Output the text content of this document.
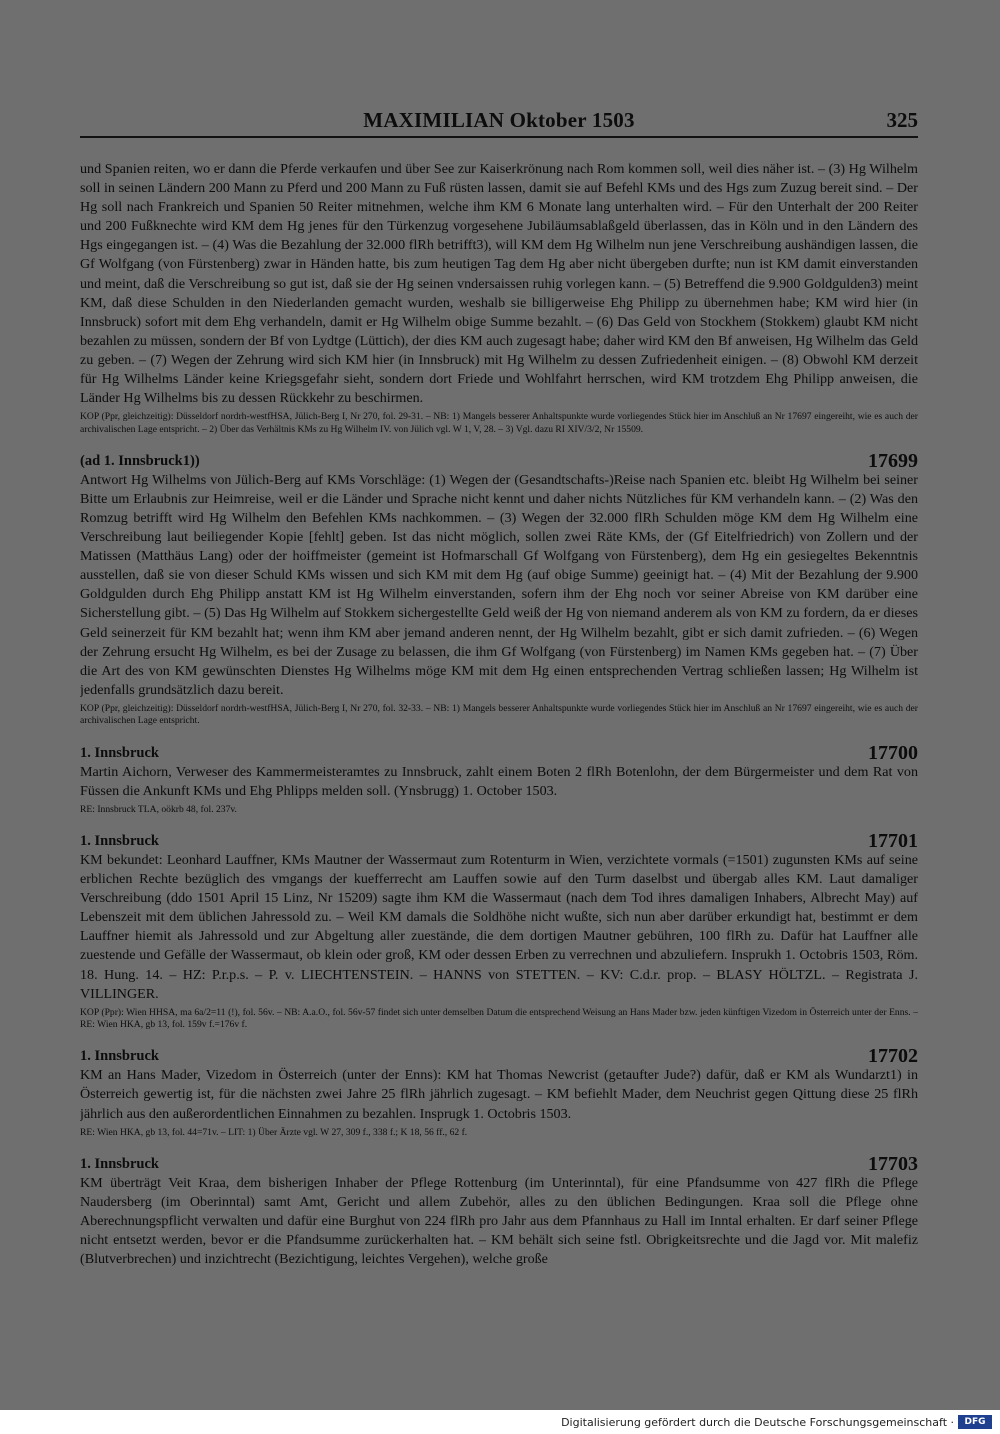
MAXIMILIAN Oktober 1503	325

und Spanien reiten, wo er dann die Pferde verkaufen und über See zur Kaiserkrönung nach Rom kommen soll, weil dies näher ist. – (3) Hg Wilhelm soll in seinen Ländern 200 Mann zu Pferd und 200 Mann zu Fuß rüsten lassen, damit sie auf Befehl KMs und des Hgs zum Zuzug bereit sind. – Der Hg soll nach Frankreich und Spanien 50 Reiter mitnehmen, welche ihm KM 6 Monate lang unterhalten wird. – Für den Unterhalt der 200 Reiter und 200 Fußknechte wird KM dem Hg jenes für den Türkenzug vorgesehene Jubiläumsablaßgeld überlassen, das in Köln und in den Ländern des Hgs eingegangen ist. – (4) Was die Bezahlung der 32.000 flRh betrifft3), will KM dem Hg Wilhelm nun jene Verschreibung aushändigen lassen, die Gf Wolfgang (von Fürstenberg) zwar in Händen hatte, bis zum heutigen Tag dem Hg aber nicht übergeben durfte; nun ist KM damit einverstanden und meint, daß die Verschreibung so gut ist, daß sie der Hg seinen vndersaissen ruhig vorlegen kann. – (5) Betreffend die 9.900 Goldgulden3) meint KM, daß diese Schulden in den Niederlanden gemacht wurden, weshalb sie billigerweise Ehg Philipp zu übernehmen habe; KM wird hier (in Innsbruck) sofort mit dem Ehg verhandeln, damit er Hg Wilhelm obige Summe bezahlt. – (6) Das Geld von Stockhem (Stokkem) glaubt KM nicht bezahlen zu müssen, sondern der Bf von Lydtge (Lüttich), der dies KM auch zugesagt habe; daher wird KM den Bf anweisen, Hg Wilhelm das Geld zu geben. – (7) Wegen der Zehrung wird sich KM hier (in Innsbruck) mit Hg Wilhelm zu dessen Zufriedenheit einigen. – (8) Obwohl KM derzeit für Hg Wilhelms Länder keine Kriegsgefahr sieht, sondern dort Friede und Wohlfahrt herrschen, wird KM trotzdem Ehg Philipp anweisen, die Länder Hg Wilhelms bis zu dessen Rückkehr zu beschirmen.

KOP (Ppr, gleichzeitig): Düsseldorf nordrh-westfHSA, Jülich-Berg I, Nr 270, fol. 29-31. – NB: 1) Mangels besserer Anhaltspunkte wurde vorliegendes Stück hier im Anschluß an Nr 17697 eingereiht, wie es auch der archivalischen Lage entspricht. – 2) Über das Verhältnis KMs zu Hg Wilhelm IV. von Jülich vgl. W 1, V, 28. – 3) Vgl. dazu RI XIV/3/2, Nr 15509.

(ad 1. Innsbruck1))	17699

Antwort Hg Wilhelms von Jülich-Berg auf KMs Vorschläge: (1) Wegen der (Gesandtschafts-)Reise nach Spanien etc. bleibt Hg Wilhelm bei seiner Bitte um Erlaubnis zur Heimreise, weil er die Länder und Sprache nicht kennt und daher nichts Nützliches für KM verhandeln kann. – (2) Was den Romzug betrifft wird Hg Wilhelm den Befehlen KMs nachkommen. – (3) Wegen der 32.000 flRh Schulden möge KM dem Hg Wilhelm eine Verschreibung laut beiliegender Kopie [fehlt] geben. Ist das nicht möglich, sollen zwei Räte KMs, der (Gf Eitelfriedrich) von Zollern und der Matissen (Matthäus Lang) oder der hoiffmeister (gemeint ist Hofmarschall Gf Wolfgang von Fürstenberg), dem Hg ein gesiegeltes Bekenntnis ausstellen, daß sie von dieser Schuld KMs wissen und sich KM mit dem Hg (auf obige Summe) geeinigt hat. – (4) Mit der Bezahlung der 9.900 Goldgulden durch Ehg Philipp anstatt KM ist Hg Wilhelm einverstanden, sofern ihm der Ehg noch vor seiner Abreise von KM darüber eine Sicherstellung gibt. – (5) Das Hg Wilhelm auf Stokkem sichergestellte Geld weiß der Hg von niemand anderem als von KM zu fordern, da er dieses Geld seinerzeit für KM bezahlt hat; wenn ihm KM aber jemand anderen nennt, der Hg Wilhelm bezahlt, gibt er sich damit zufrieden. – (6) Wegen der Zehrung ersucht Hg Wilhelm, es bei der Zusage zu belassen, die ihm Gf Wolfgang (von Fürstenberg) im Namen KMs gegeben hat. – (7) Über die Art des von KM gewünschten Dienstes Hg Wilhelms möge KM mit dem Hg einen entsprechenden Vertrag schließen lassen; Hg Wilhelm ist jedenfalls grundsätzlich dazu bereit.

KOP (Ppr, gleichzeitig): Düsseldorf nordrh-westfHSA, Jülich-Berg I, Nr 270, fol. 32-33. – NB: 1) Mangels besserer Anhaltspunkte wurde vorliegendes Stück hier im Anschluß an Nr 17697 eingereiht, wie es auch der archivalischen Lage entspricht.

1. Innsbruck	17700

Martin Aichorn, Verweser des Kammermeisteramtes zu Innsbruck, zahlt einem Boten 2 flRh Botenlohn, der dem Bürgermeister und dem Rat von Füssen die Ankunft KMs und Ehg Phlipps melden soll. (Ynsbrugg) 1. October 1503.

RE: Innsbruck TLA, oökrb 48, fol. 237v.

1. Innsbruck	17701

KM bekundet: Leonhard Lauffner, KMs Mautner der Wassermaut zum Rotenturm in Wien, verzichtete vormals (=1501) zugunsten KMs auf seine erblichen Rechte bezüglich des vmgangs der kuefferrecht am Lauffen sowie auf den Turm daselbst und übergab alles KM. Laut damaliger Verschreibung (ddo 1501 April 15 Linz, Nr 15209) sagte ihm KM die Wassermaut (nach dem Tod ihres damaligen Inhabers, Albrecht May) auf Lebenszeit mit dem üblichen Jahressold zu. – Weil KM damals die Soldhöhe nicht wußte, sich nun aber darüber erkundigt hat, bestimmt er dem Lauffner hiemit als Jahressold und zur Abgeltung aller zueständе, die dem dortigen Mautner gebühren, 100 flRh zu. Dafür hat Lauffner alle zuestende und Gefälle der Wassermaut, ob klein oder groß, KM oder dessen Erben zu verrechnen und abzuliefern. Insprukh 1. Octobris 1503, Röm. 18. Hung. 14. – HZ: P.r.p.s. – P. v. LIECHTENSTEIN. – HANNS von STETTEN. – KV: C.d.r. prop. – BLASY HÖLTZL. – Registrata J. VILLINGER.

KOP (Ppr): Wien HHSA, ma 6a/2=11 (!), fol. 56v. – NB: A.a.O., fol. 56v-57 findet sich unter demselben Datum die entsprechend Weisung an Hans Mader bzw. jeden künftigen Vizedom in Österreich unter der Enns. – RE: Wien HKA, gb 13, fol. 159v f.=176v f.

1. Innsbruck	17702

KM an Hans Mader, Vizedom in Österreich (unter der Enns): KM hat Thomas Newcrist (getaufter Jude?) dafür, daß er KM als Wundarzt1) in Österreich gewertig ist, für die nächsten zwei Jahre 25 flRh jährlich zugesagt. – KM befiehlt Mader, dem Neuchrist gegen Qittung diese 25 flRh jährlich aus den außerordentlichen Einnahmen zu bezahlen. Insprugk 1. Octobris 1503.

RE: Wien HKA, gb 13, fol. 44=71v. – LIT: 1) Über Ärzte vgl. W 27, 309 f., 338 f.; K 18, 56 ff., 62 f.

1. Innsbruck	17703

KM überträgt Veit Kraa, dem bisherigen Inhaber der Pflege Rottenburg (im Unterinntal), für eine Pfandsumme von 427 flRh die Pflege Naudersberg (im Oberinntal) samt Amt, Gericht und allem Zubehör, alles zu den üblichen Bedingungen. Kraa soll die Pflege ohne Aberechnungspflicht verwalten und dafür eine Burghut von 224 flRh pro Jahr aus dem Pfannhaus zu Hall im Inntal erhalten. Er darf seiner Pflege nicht entsetzt werden, bevor er die Pfandsumme zurückerhalten hat. – KM behält sich seine fstl. Obrigkeitsrechte und die Jagd vor. Mit malefiz (Blutverbrechen) und inzichtrecht (Bezichtigung, leichtes Vergehen), welche große

Digitalisierung gefördert durch die Deutsche Forschungsgemeinschaft ·	DFG
